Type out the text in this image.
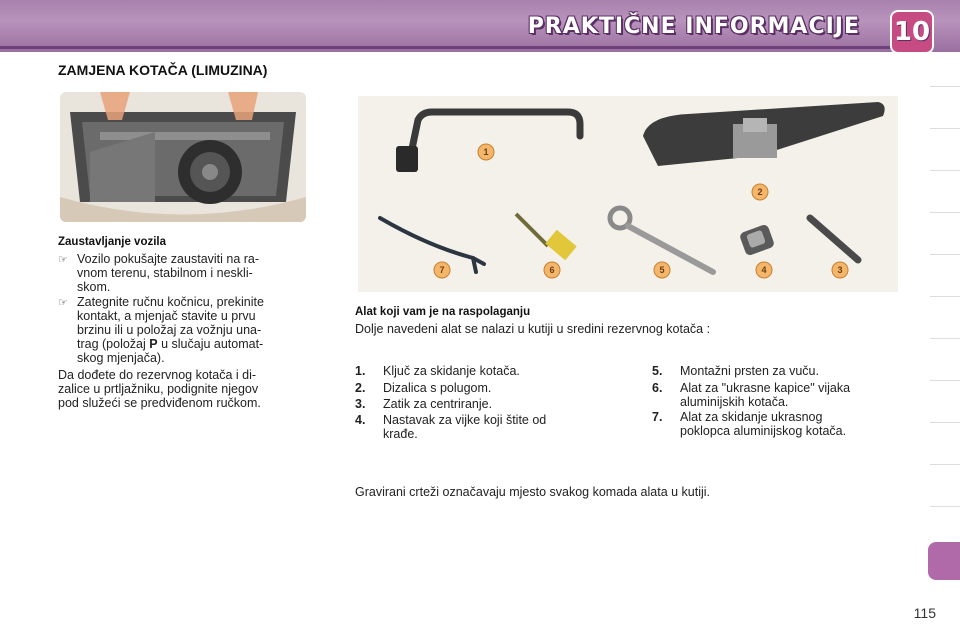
PRAKTIČNE INFORMACIJE 10
ZAMJENA KOTAČA (LIMUZINA)
Zaustavljanje vozila
☞ Vozilo pokušajte zaustaviti na ra-
vnom terenu, stabilnom i neskli-
skom.
☞ Zategnite ručnu kočnicu, prekinite
kontakt, a mjenjač stavite u prvu
brzinu ili u položaj za vožnju una-
trag (položaj P u slučaju automat-
skog mjenjača).
Da dođete do rezervnog kotača i di-
zalice u prtljažniku, podignite njegov
pod služeći se predviđenom ručkom.
1
2
3
4
5
6
7
Alat koji vam je na raspolaganju
Dolje navedeni alat se nalazi u kutiji u sredini rezervnog kotača :
1. Ključ za skidanje kotača.
2. Dizalica s polugom.
3. Zatik za centriranje.
4. Nastavak za vijke koji štite od
krađe.
5. Montažni prsten za vuču.
6. Alat za "ukrasne kapice" vijaka
aluminijskih kotača.
7. Alat za skidanje ukrasnog
poklopca aluminijskog kotača.
Gravirani crteži označavaju mjesto svakog komada alata u kutiji.
115
